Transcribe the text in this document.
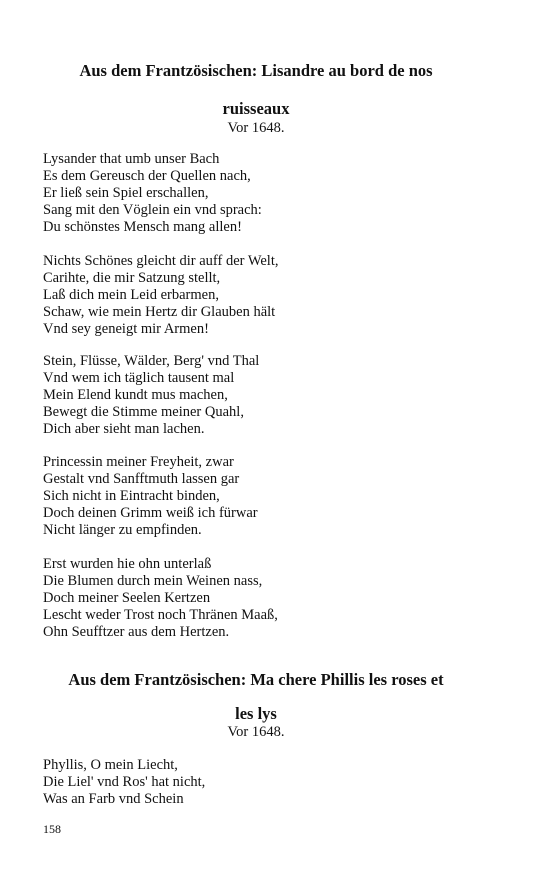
Aus dem Frantzösischen: Lisandre au bord de nos
ruisseaux
Vor 1648.
Lysander that umb unser Bach
Es dem Gereusch der Quellen nach,
Er ließ sein Spiel erschallen,
Sang mit den Vöglein ein vnd sprach:
Du schönstes Mensch mang allen!
Nichts Schönes gleicht dir auff der Welt,
Carihte, die mir Satzung stellt,
Laß dich mein Leid erbarmen,
Schaw, wie mein Hertz dir Glauben hält
Vnd sey geneigt mir Armen!
Stein, Flüsse, Wälder, Berg' vnd Thal
Vnd wem ich täglich tausent mal
Mein Elend kundt mus machen,
Bewegt die Stimme meiner Quahl,
Dich aber sieht man lachen.
Princessin meiner Freyheit, zwar
Gestalt vnd Sanfftmuth lassen gar
Sich nicht in Eintracht binden,
Doch deinen Grimm weiß ich fürwar
Nicht länger zu empfinden.
Erst wurden hie ohn unterlaß
Die Blumen durch mein Weinen nass,
Doch meiner Seelen Kertzen
Lescht weder Trost noch Thränen Maaß,
Ohn Seufftzer aus dem Hertzen.
Aus dem Frantzösischen: Ma chere Phillis les roses et
les lys
Vor 1648.
Phyllis, O mein Liecht,
Die Liel' vnd Ros' hat nicht,
Was an Farb vnd Schein
158
